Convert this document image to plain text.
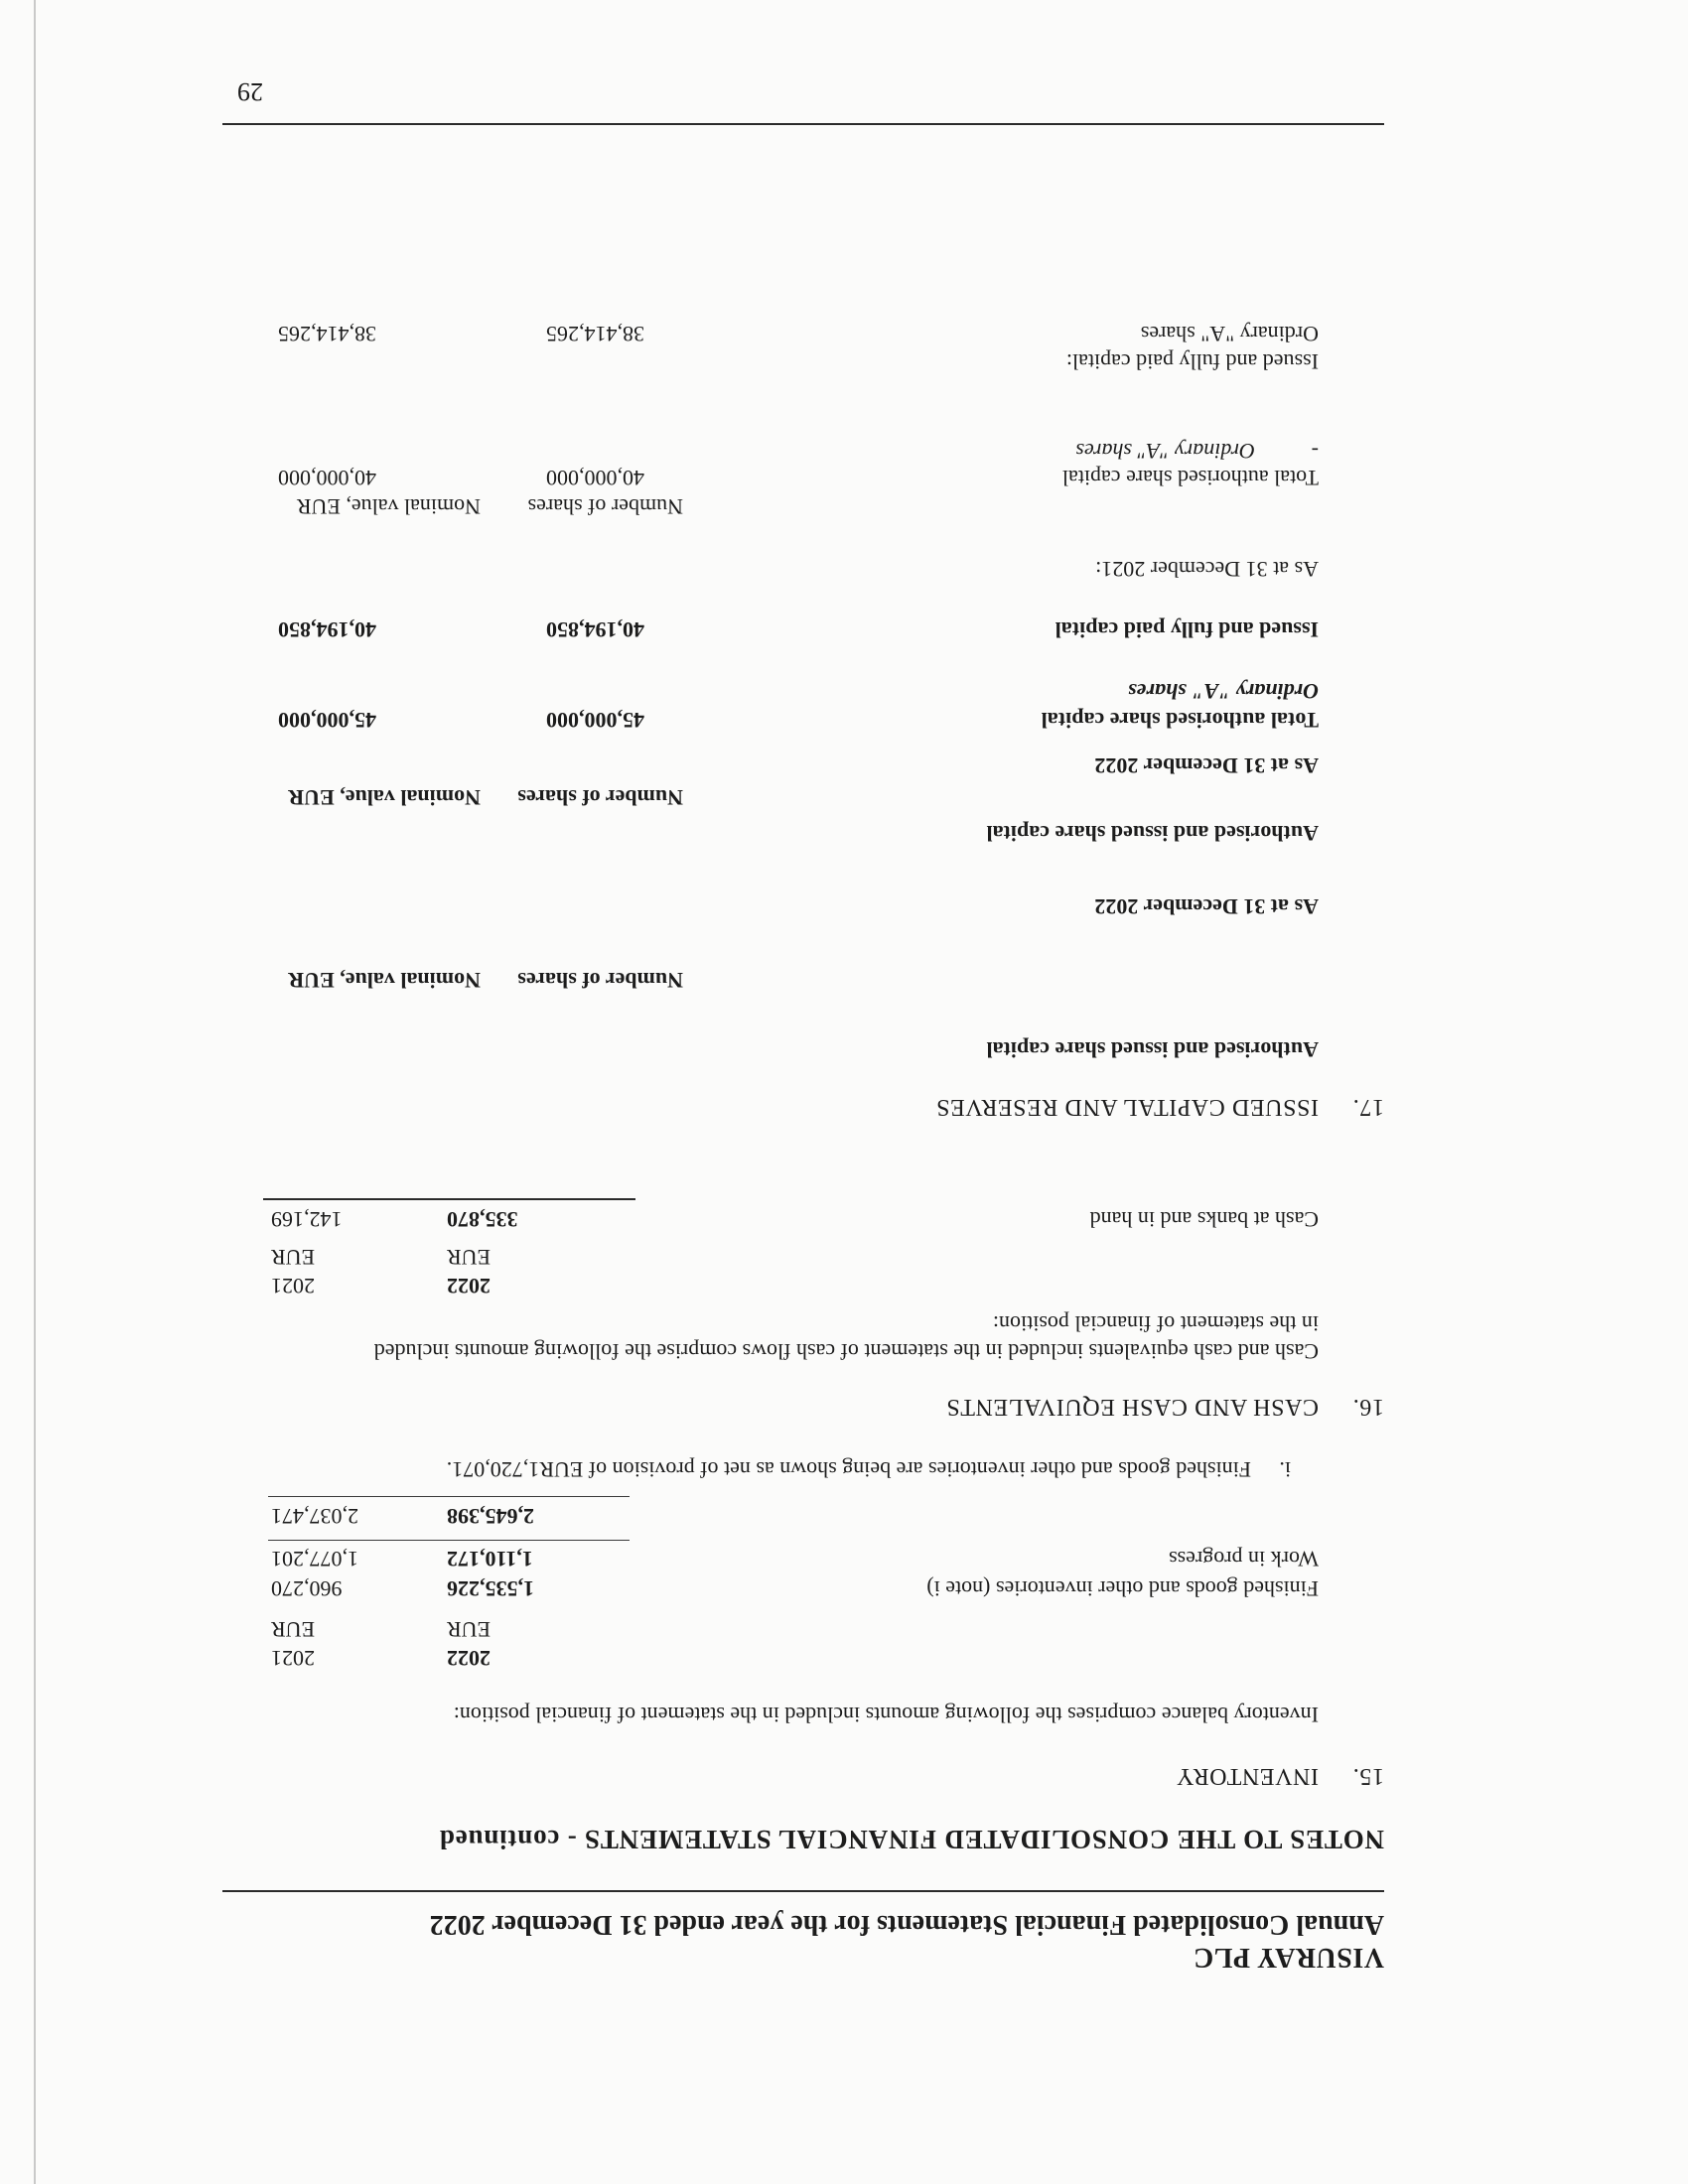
VISURAY PLC
Annual Consolidated Financial Statements for the year ended 31 December 2022
NOTES TO THE CONSOLIDATED FINANCIAL STATEMENTS - continued
15.
INVENTORY
Inventory balance comprises the following amounts included in the statement of financial position:
2022
2021
EUR
EUR
Finished goods and other inventories (note i)
1,535,226
960,270
Work in progress
1,110,172
1,077,201
2,645,398
2,037,471
i.
Finished goods and other inventories are being shown as net of provision of EUR1,720,071.
16.
CASH AND CASH EQUIVALENTS
Cash and cash equivalents included in the statement of cash flows comprise the following amounts included
in the statement of financial position:
2022
2021
EUR
EUR
Cash at banks and in hand
335,870
142,169
17.
ISSUED CAPITAL AND RESERVES
Authorised and issued share capital
Number of shares
Nominal value, EUR
As at 31 December 2022
Authorised and issued share capital
Number of shares
Nominal value, EUR
As at 31 December 2022
Total authorised share capital
Ordinary "A" shares
45,000,000
45,000,000
Issued and fully paid capital
40,194,850
40,194,850
As at 31 December 2021:
Number of shares
Nominal value, EUR
Total authorised share capital
-
Ordinary "A" shares
40,000,000
40,000,000
Issued and fully paid capital:
Ordinary "A" shares
38,414,265
38,414,265
29
